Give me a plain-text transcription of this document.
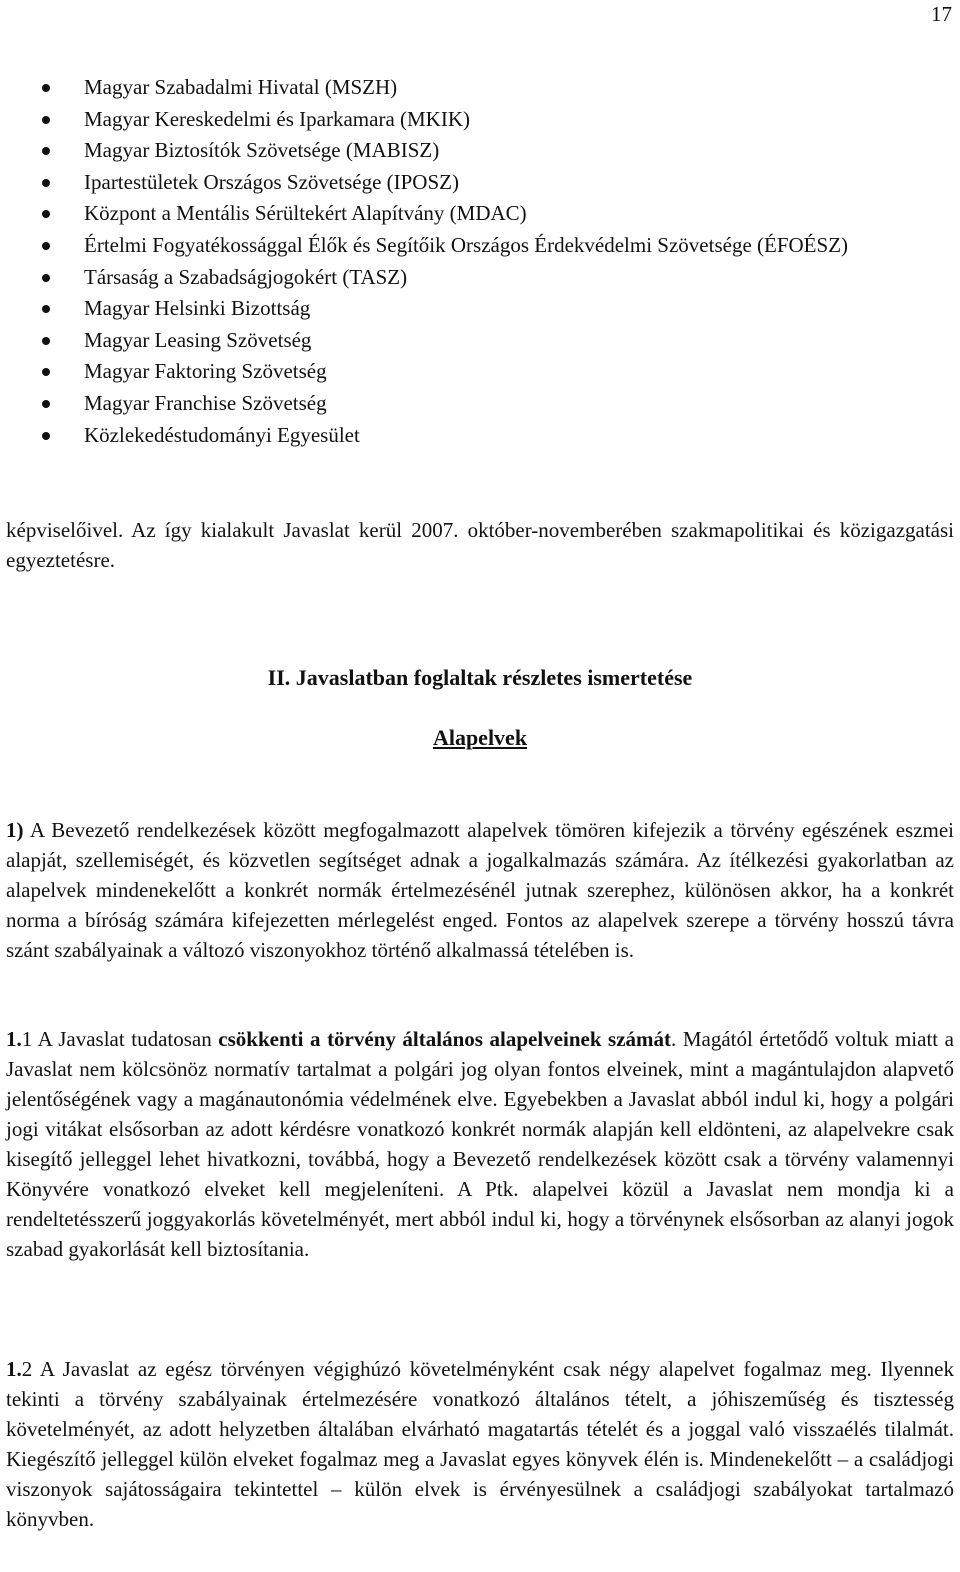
17
Magyar Szabadalmi Hivatal (MSZH)
Magyar Kereskedelmi és Iparkamara (MKIK)
Magyar Biztosítók Szövetsége (MABISZ)
Ipartestületek Országos Szövetsége (IPOSZ)
Központ a Mentális Sérültekért Alapítvány (MDAC)
Értelmi Fogyatékossággal Élők és Segítőik Országos Érdekvédelmi Szövetsége (ÉFOÉSZ)
Társaság a Szabadságjogokért (TASZ)
Magyar Helsinki Bizottság
Magyar Leasing Szövetség
Magyar Faktoring Szövetség
Magyar Franchise Szövetség
Közlekedéstudományi Egyesület

képviselőivel. Az így kialakult Javaslat kerül 2007. október-novemberében szakmapolitikai és közigazgatási egyeztetésre.

II. Javaslatban foglaltak részletes ismertetése
Alapelvek

1) A Bevezető rendelkezések között megfogalmazott alapelvek tömören kifejezik a törvény egészének eszmei alapját, szellemiségét, és közvetlen segítséget adnak a jogalkalmazás számára. Az ítélkezési gyakorlatban az alapelvek mindenekelőtt a konkrét normák értelmezésénél jutnak szerephez, különösen akkor, ha a konkrét norma a bíróság számára kifejezetten mérlegelést enged. Fontos az alapelvek szerepe a törvény hosszú távra szánt szabályainak a változó viszonyokhoz történő alkalmassá tételében is.

1.1 A Javaslat tudatosan csökkenti a törvény általános alapelveinek számát. Magától értetődő voltuk miatt a Javaslat nem kölcsönöz normatív tartalmat a polgári jog olyan fontos elveinek, mint a magántulajdon alapvető jelentőségének vagy a magánautonómia védelmének elve. Egyebekben a Javaslat abból indul ki, hogy a polgári jogi vitákat elsősorban az adott kérdésre vonatkozó konkrét normák alapján kell eldönteni, az alapelvekre csak kisegítő jelleggel lehet hivatkozni, továbbá, hogy a Bevezető rendelkezések között csak a törvény valamennyi Könyvére vonatkozó elveket kell megjeleníteni. A Ptk. alapelvei közül a Javaslat nem mondja ki a rendeltetésszerű joggyakorlás követelményét, mert abból indul ki, hogy a törvénynek elsősorban az alanyi jogok szabad gyakorlását kell biztosítania.

1.2 A Javaslat az egész törvényen végighúzó követelményként csak négy alapelvet fogalmaz meg. Ilyennek tekinti a törvény szabályainak értelmezésére vonatkozó általános tételt, a jóhiszeműség és tisztesség követelményét, az adott helyzetben általában elvárható magatartás tételét és a joggal való visszaélés tilalmát. Kiegészítő jelleggel külön elveket fogalmaz meg a Javaslat egyes könyvek élén is. Mindenekelőtt – a családjogi viszonyok sajátosságaira tekintettel – külön elvek is érvényesülnek a családjogi szabályokat tartalmazó könyvben.
